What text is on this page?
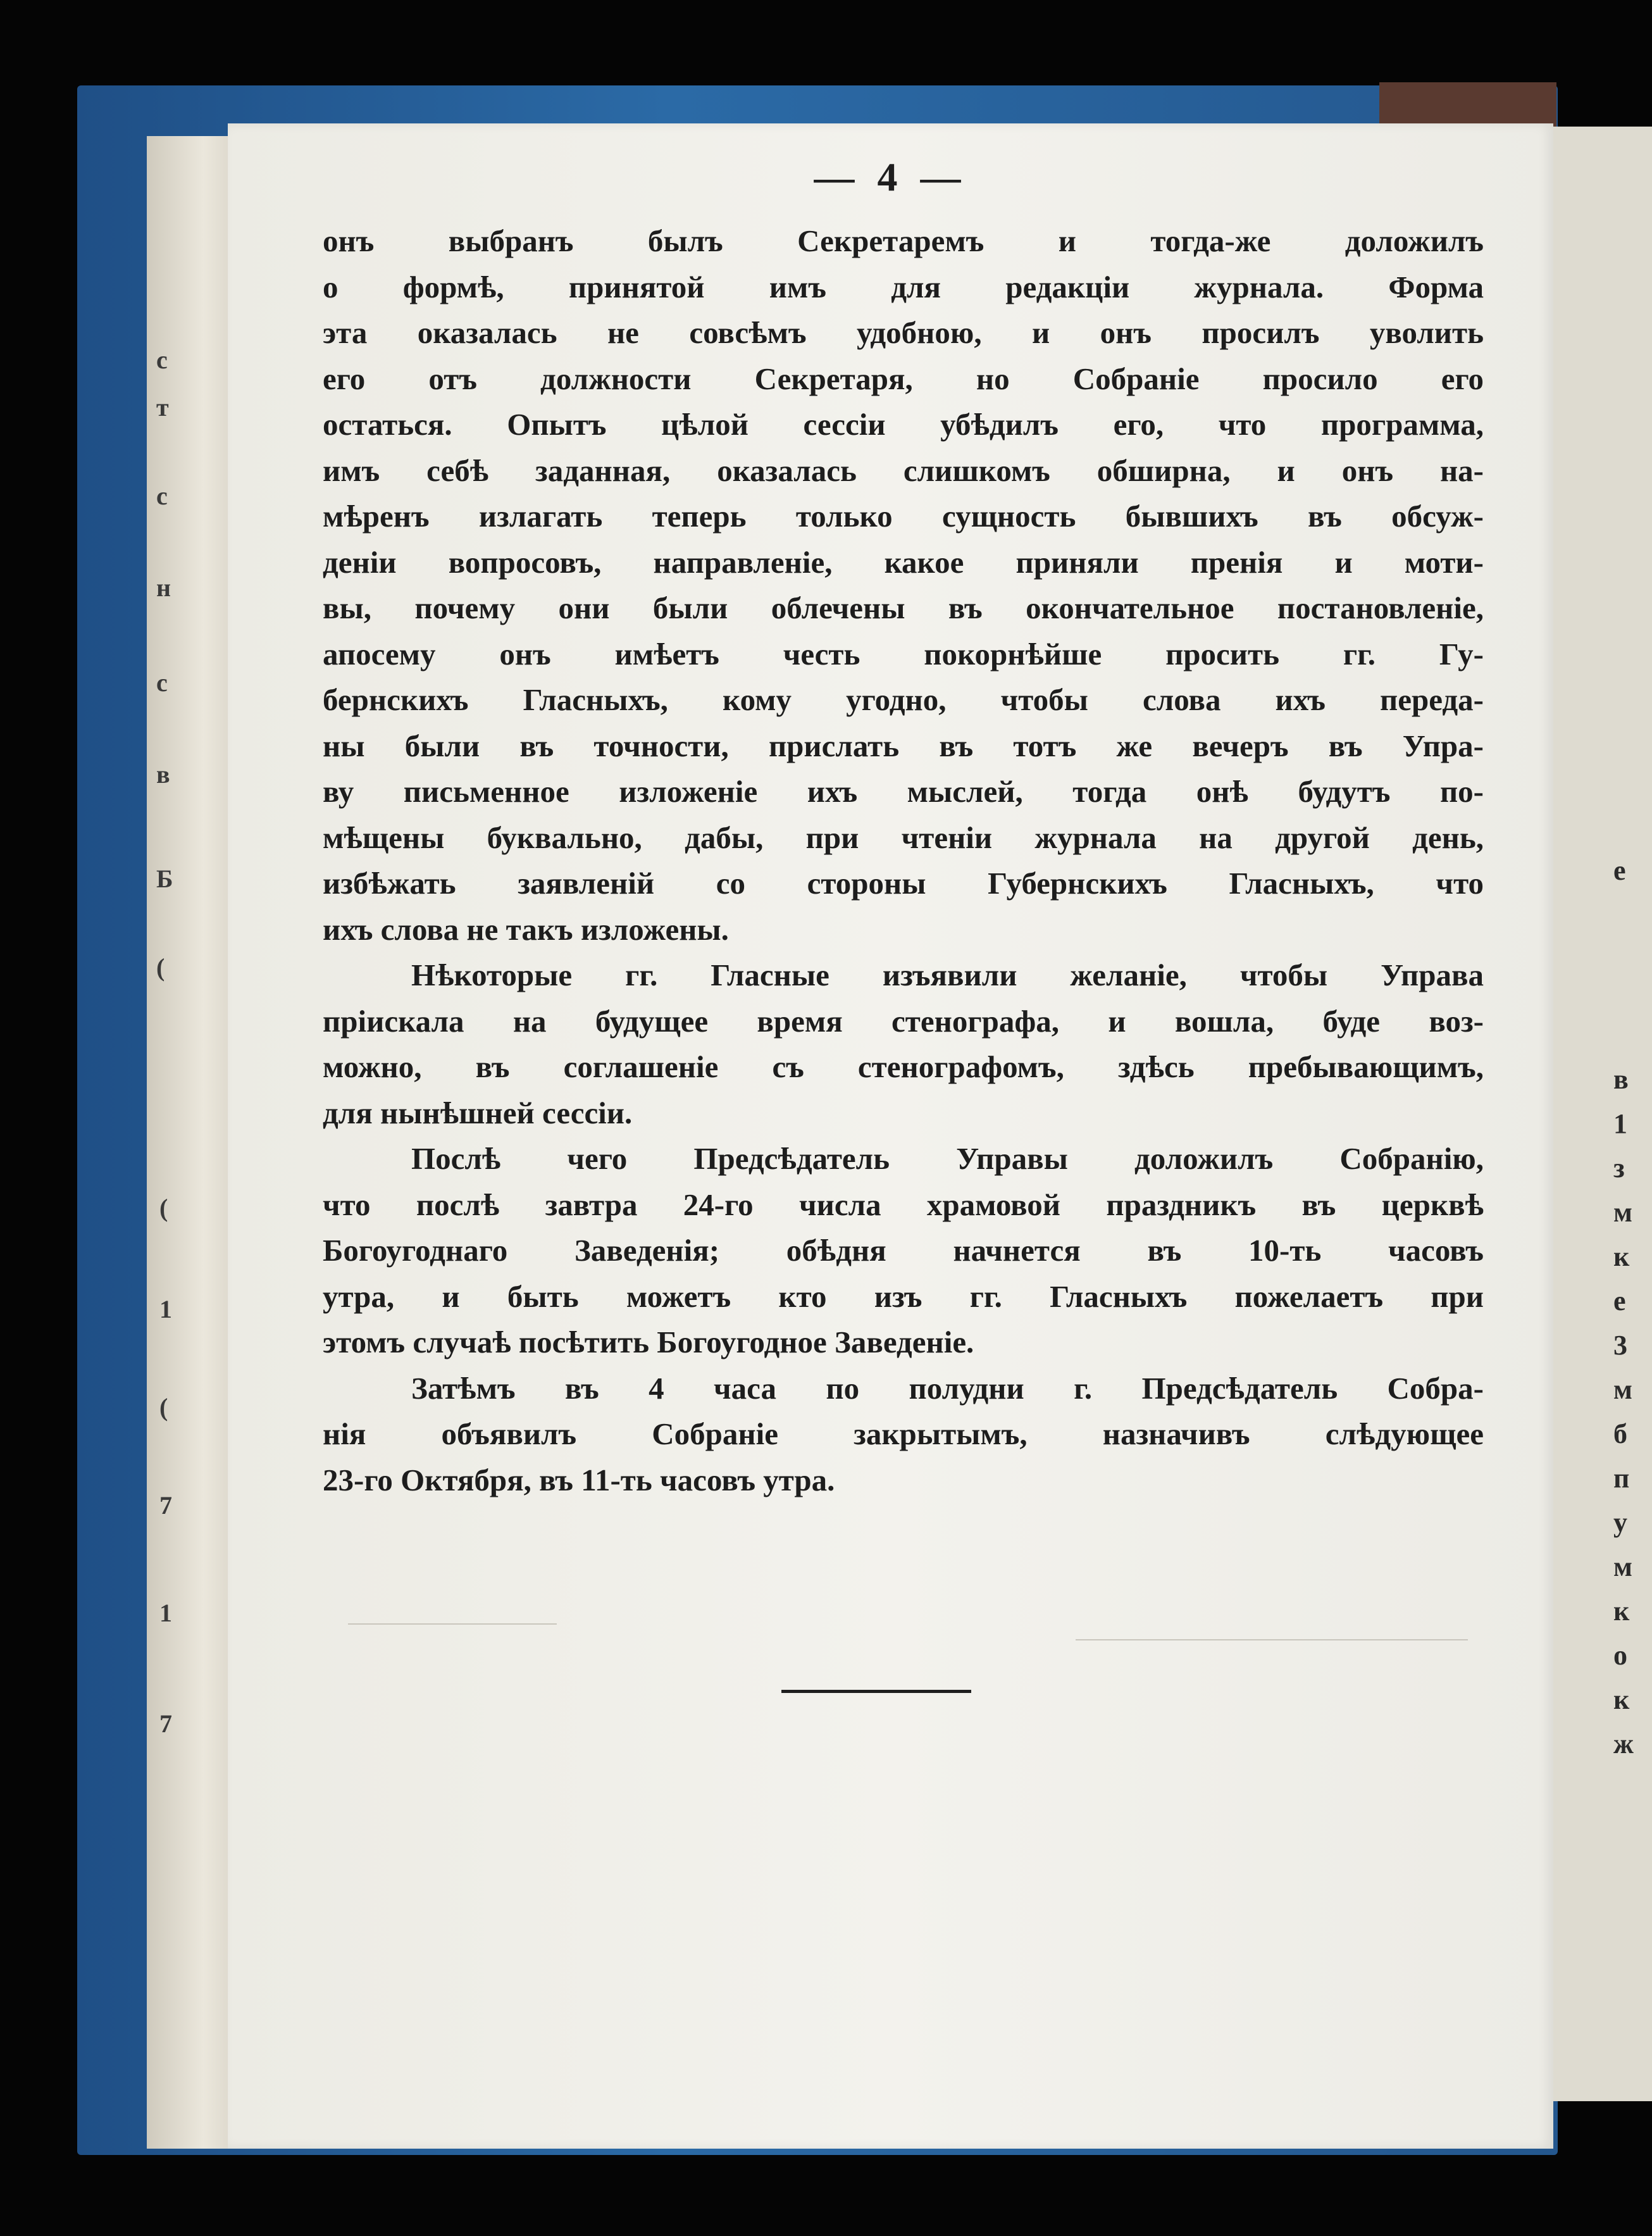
с
т
с
н
с
в
Б
(
(
1
(
7
1
7
е
в
1
з
м
к
е
3
м
б
п
у
м
к
о
к
ж
— 4 —
онъ выбранъ былъ Секретаремъ и тогда-же доложилъ
о формѣ, принятой имъ для редакціи журнала. Форма
эта оказалась не совсѣмъ удобною, и онъ просилъ уволить
его отъ должности Секретаря, но Собраніе просило его
остаться. Опытъ цѣлой сессіи убѣдилъ его, что программа,
имъ себѣ заданная, оказалась слишкомъ обширна, и онъ на-
мѣренъ излагать теперь только сущность бывшихъ въ обсуж-
деніи вопросовъ, направленіе, какое приняли пренія и моти-
вы, почему они были облечены въ окончательное постановленіе,
апосему онъ имѣетъ честь покорнѣйше просить гг. Гу-
бернскихъ Гласныхъ, кому угодно, чтобы слова ихъ переда-
ны были въ точности, прислать въ тотъ же вечеръ въ Упра-
ву письменное изложеніе ихъ мыслей, тогда онѣ будутъ по-
мѣщены буквально, дабы, при чтеніи журнала на другой день,
избѣжать заявленій со стороны Губернскихъ Гласныхъ, что
ихъ слова не такъ изложены.
Нѣкоторые гг. Гласные изъявили желаніе, чтобы Управа
пріискала на будущее время стенографа, и вошла, буде воз-
можно, въ соглашеніе съ стенографомъ, здѣсь пребывающимъ,
для нынѣшней сессіи.
Послѣ чего Предсѣдатель Управы доложилъ Собранію,
что послѣ завтра 24-го числа храмовой праздникъ въ церквѣ
Богоугоднаго Заведенія; обѣдня начнется въ 10-ть часовъ
утра, и быть можетъ кто изъ гг. Гласныхъ пожелаетъ при
этомъ случаѣ посѣтить Богоугодное Заведеніе.
Затѣмъ въ 4 часа по полудни г. Предсѣдатель Собра-
нія объявилъ Собраніе закрытымъ, назначивъ слѣдующее
23-го Октября, въ 11-ть часовъ утра.
